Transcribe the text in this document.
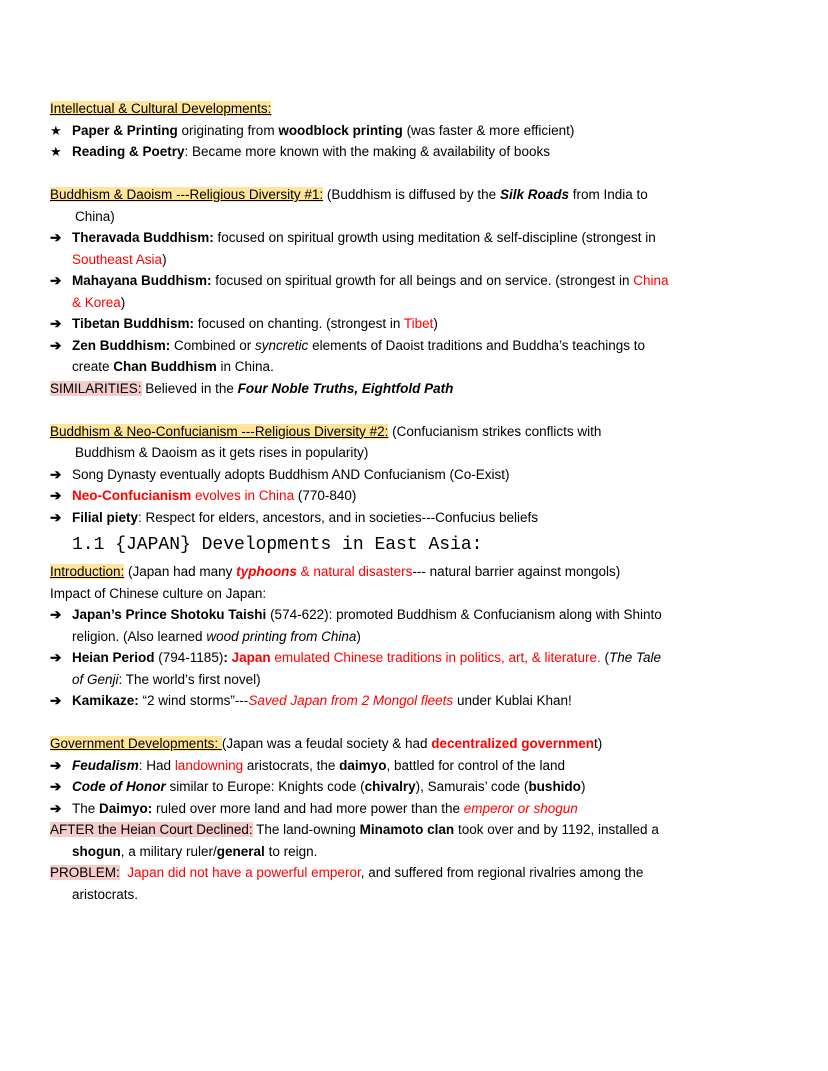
Intellectual & Cultural Developments:
★ Paper & Printing originating from woodblock printing (was faster & more efficient)
★ Reading & Poetry: Became more known with the making & availability of books
Buddhism & Daoism ---Religious Diversity #1: (Buddhism is diffused by the Silk Roads from India to
China)
➔ Theravada Buddhism: focused on spiritual growth using meditation & self-discipline (strongest in
Southeast Asia)
➔ Mahayana Buddhism: focused on spiritual growth for all beings and on service. (strongest in China
& Korea)
➔ Tibetan Buddhism: focused on chanting. (strongest in Tibet)
➔ Zen Buddhism: Combined or syncretic elements of Daoist traditions and Buddha’s teachings to
create Chan Buddhism in China.
SIMILARITIES: Believed in the Four Noble Truths, Eightfold Path
Buddhism & Neo-Confucianism ---Religious Diversity #2: (Confucianism strikes conflicts with
Buddhism & Daoism as it gets rises in popularity)
➔ Song Dynasty eventually adopts Buddhism AND Confucianism (Co-Exist)
➔ Neo-Confucianism evolves in China (770-840)
➔ Filial piety: Respect for elders, ancestors, and in societies---Confucius beliefs
1.1 {JAPAN} Developments in East Asia:
Introduction: (Japan had many typhoons & natural disasters--- natural barrier against mongols)
Impact of Chinese culture on Japan:
➔ Japan’s Prince Shotoku Taishi (574-622): promoted Buddhism & Confucianism along with Shinto
religion. (Also learned wood printing from China)
➔ Heian Period (794-1185): Japan emulated Chinese traditions in politics, art, & literature. (The Tale
of Genji: The world’s first novel)
➔ Kamikaze: “2 wind storms”---Saved Japan from 2 Mongol fleets under Kublai Khan!
Government Developments: (Japan was a feudal society & had decentralized government)
➔ Feudalism: Had landowning aristocrats, the daimyo, battled for control of the land
➔ Code of Honor similar to Europe: Knights code (chivalry), Samurais’ code (bushido)
➔ The Daimyo: ruled over more land and had more power than the emperor or shogun
AFTER the Heian Court Declined: The land-owning Minamoto clan took over and by 1192, installed a
shogun, a military ruler/general to reign.
PROBLEM: Japan did not have a powerful emperor, and suffered from regional rivalries among the
aristocrats.
